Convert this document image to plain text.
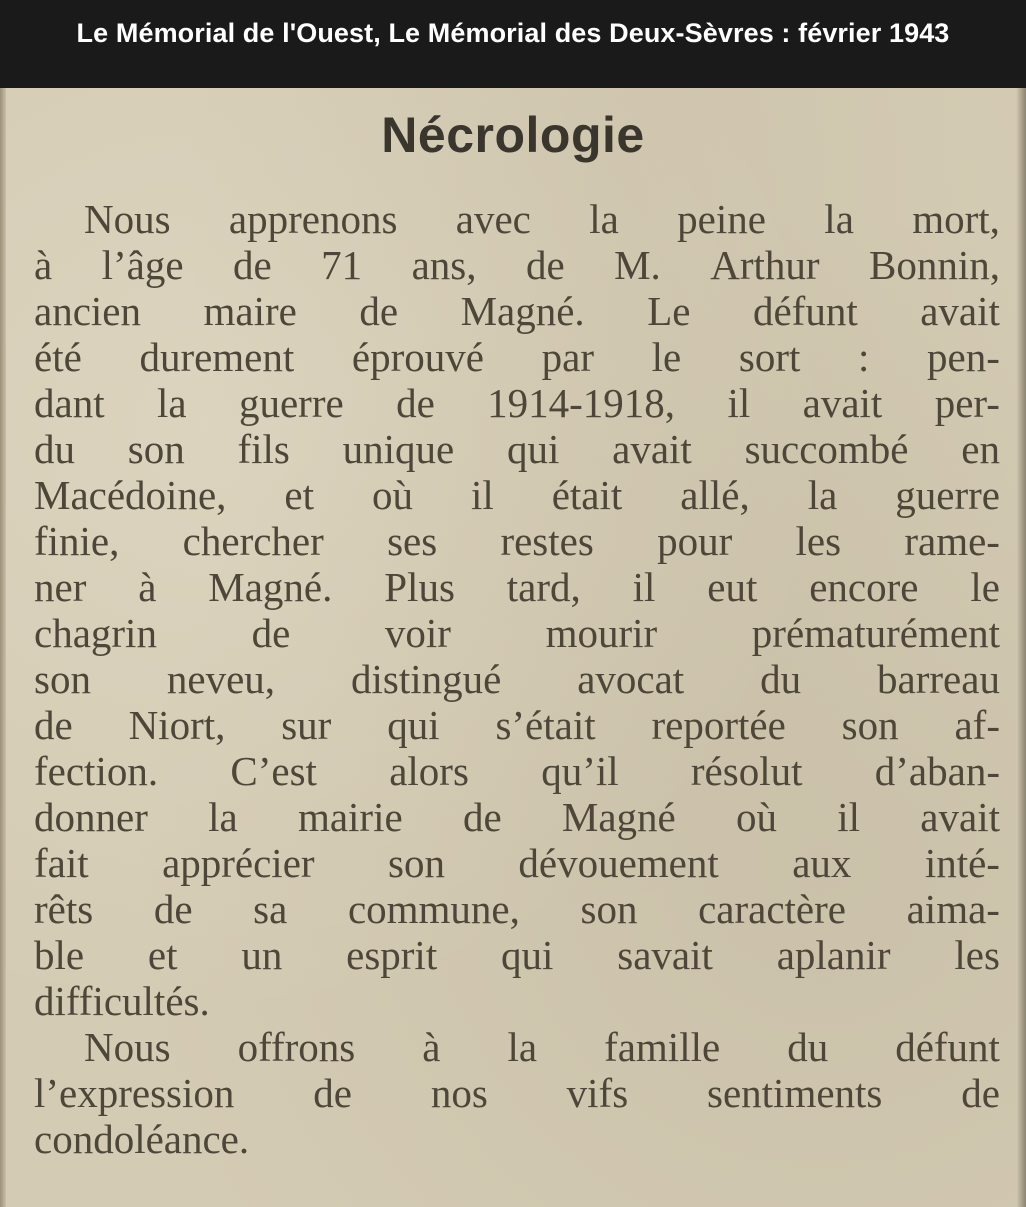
Le Mémorial de l'Ouest, Le Mémorial des Deux-Sèvres : février 1943
Nécrologie
Nous apprenons avec la peine la mort,
à l’âge de 71 ans, de M. Arthur Bonnin,
ancien maire de Magné. Le défunt avait
été durement éprouvé par le sort : pen-
dant la guerre de 1914-1918, il avait per-
du son fils unique qui avait succombé en
Macédoine, et où il était allé, la guerre
finie, chercher ses restes pour les rame-
ner à Magné. Plus tard, il eut encore le
chagrin de voir mourir prématurément
son neveu, distingué avocat du barreau
de Niort, sur qui s’était reportée son af-
fection. C’est alors qu’il résolut d’aban-
donner la mairie de Magné où il avait
fait apprécier son dévouement aux inté-
rêts de sa commune, son caractère aima-
ble et un esprit qui savait aplanir les
difficultés.
Nous offrons à la famille du défunt
l’expression de nos vifs sentiments de
condoléance.
